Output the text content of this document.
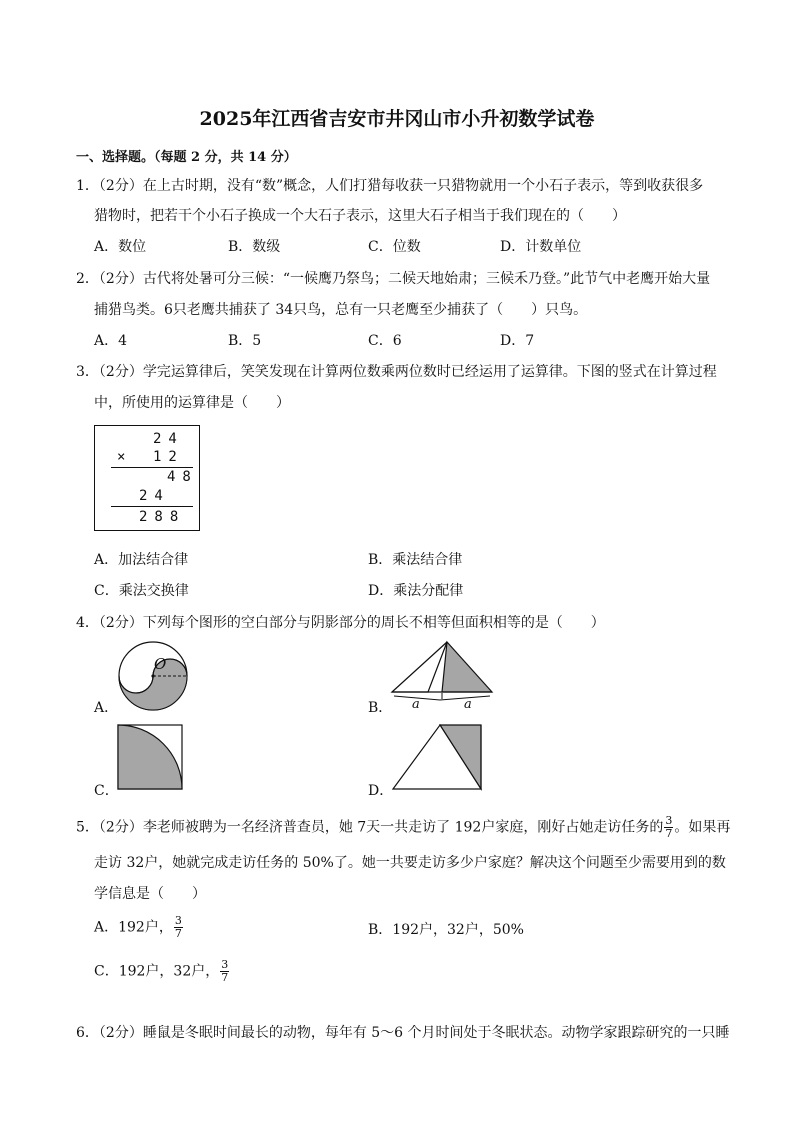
2025年江西省吉安市井冈山市小升初数学试卷
一、选择题。（每题 2 分，共 14 分）
1．（2分）在上古时期，没有“数”概念，人们打猎每收获一只猎物就用一个小石子表示，等到收获很多
猎物时，把若干个小石子换成一个大石子表示，这里大石子相当于我们现在的（　　）
A．数位	B．数级	C．位数	D．计数单位
2．（2分）古代将处暑可分三候：“一候鹰乃祭鸟；二候天地始肃；三候禾乃登。”此节气中老鹰开始大量
捕猎鸟类。6只老鹰共捕获了 34只鸟，总有一只老鹰至少捕获了（　　）只鸟。
A．4	B．5	C．6	D．7
3．（2分）学完运算律后，笑笑发现在计算两位数乘两位数时已经运用了运算律。下图的竖式在计算过程
中，所使用的运算律是（　　）
24
× 12
48
24
288
A．加法结合律	B．乘法结合律
C．乘法交换律	D．乘法分配律
4．（2分）下列每个图形的空白部分与阴影部分的周长不相等但面积相等的是（　　）
O
A．	a	a
B．
C．	D．
5．（2分）李老师被聘为一名经济普查员，她 7天一共走访了 192户家庭，刚好占她走访任务的 $\frac{3}{7}$ 。如果再
走访 32户，她就完成走访任务的 50%了。她一共要走访多少户家庭？解决这个问题至少需要用到的数
学信息是（　　）
A．192户， $\frac{3}{7}$	B．192户，32户，50%
C．192户，32户， $\frac{3}{7}$
6．（2分）睡鼠是冬眠时间最长的动物，每年有 5～6 个月时间处于冬眠状态。动物学家跟踪研究的一只睡
